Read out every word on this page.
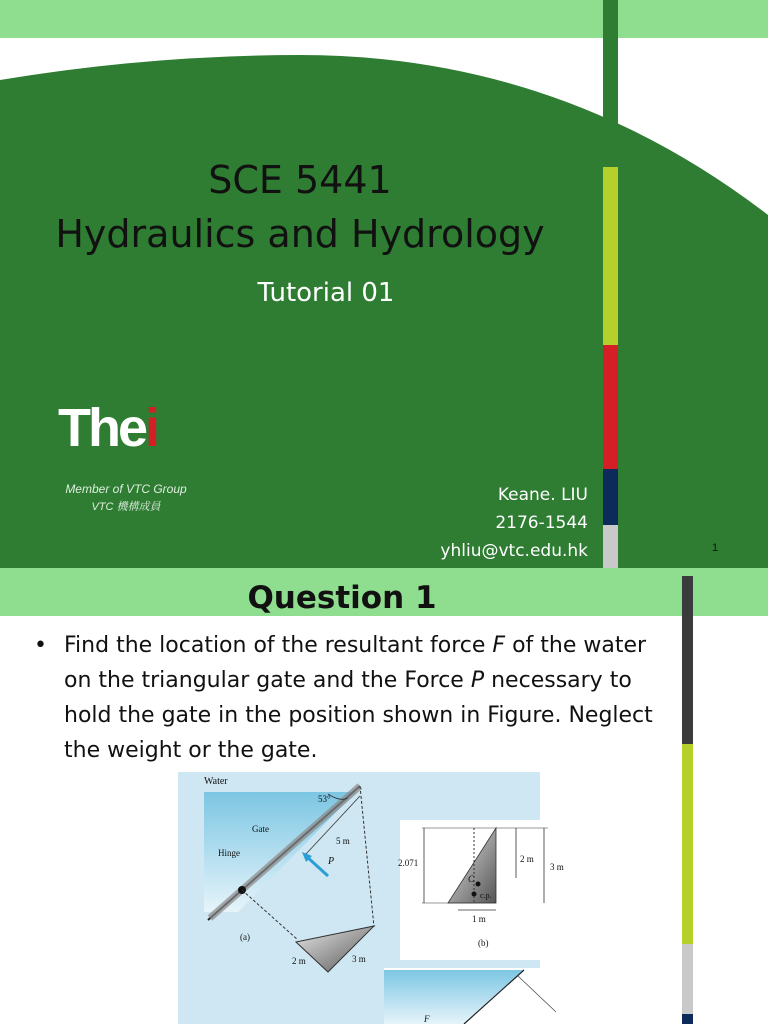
SCE 5441
Hydraulics and Hydrology
Tutorial 01
Thei
Member of VTC Group
VTC 機構成員
Keane. LIU
2176-1544
yhliu@vtc.edu.hk	1
Question 1
• Find the location of the resultant force F of the water on the triangular gate and the Force P necessary to hold the gate in the position shown in Figure. Neglect the weight or the gate.
Water
53°
Gate
Hinge
5 m
P
(a)
2 m	3 m
2.071	2 m
3 m
C
c.p.
1 m
(b)
F
